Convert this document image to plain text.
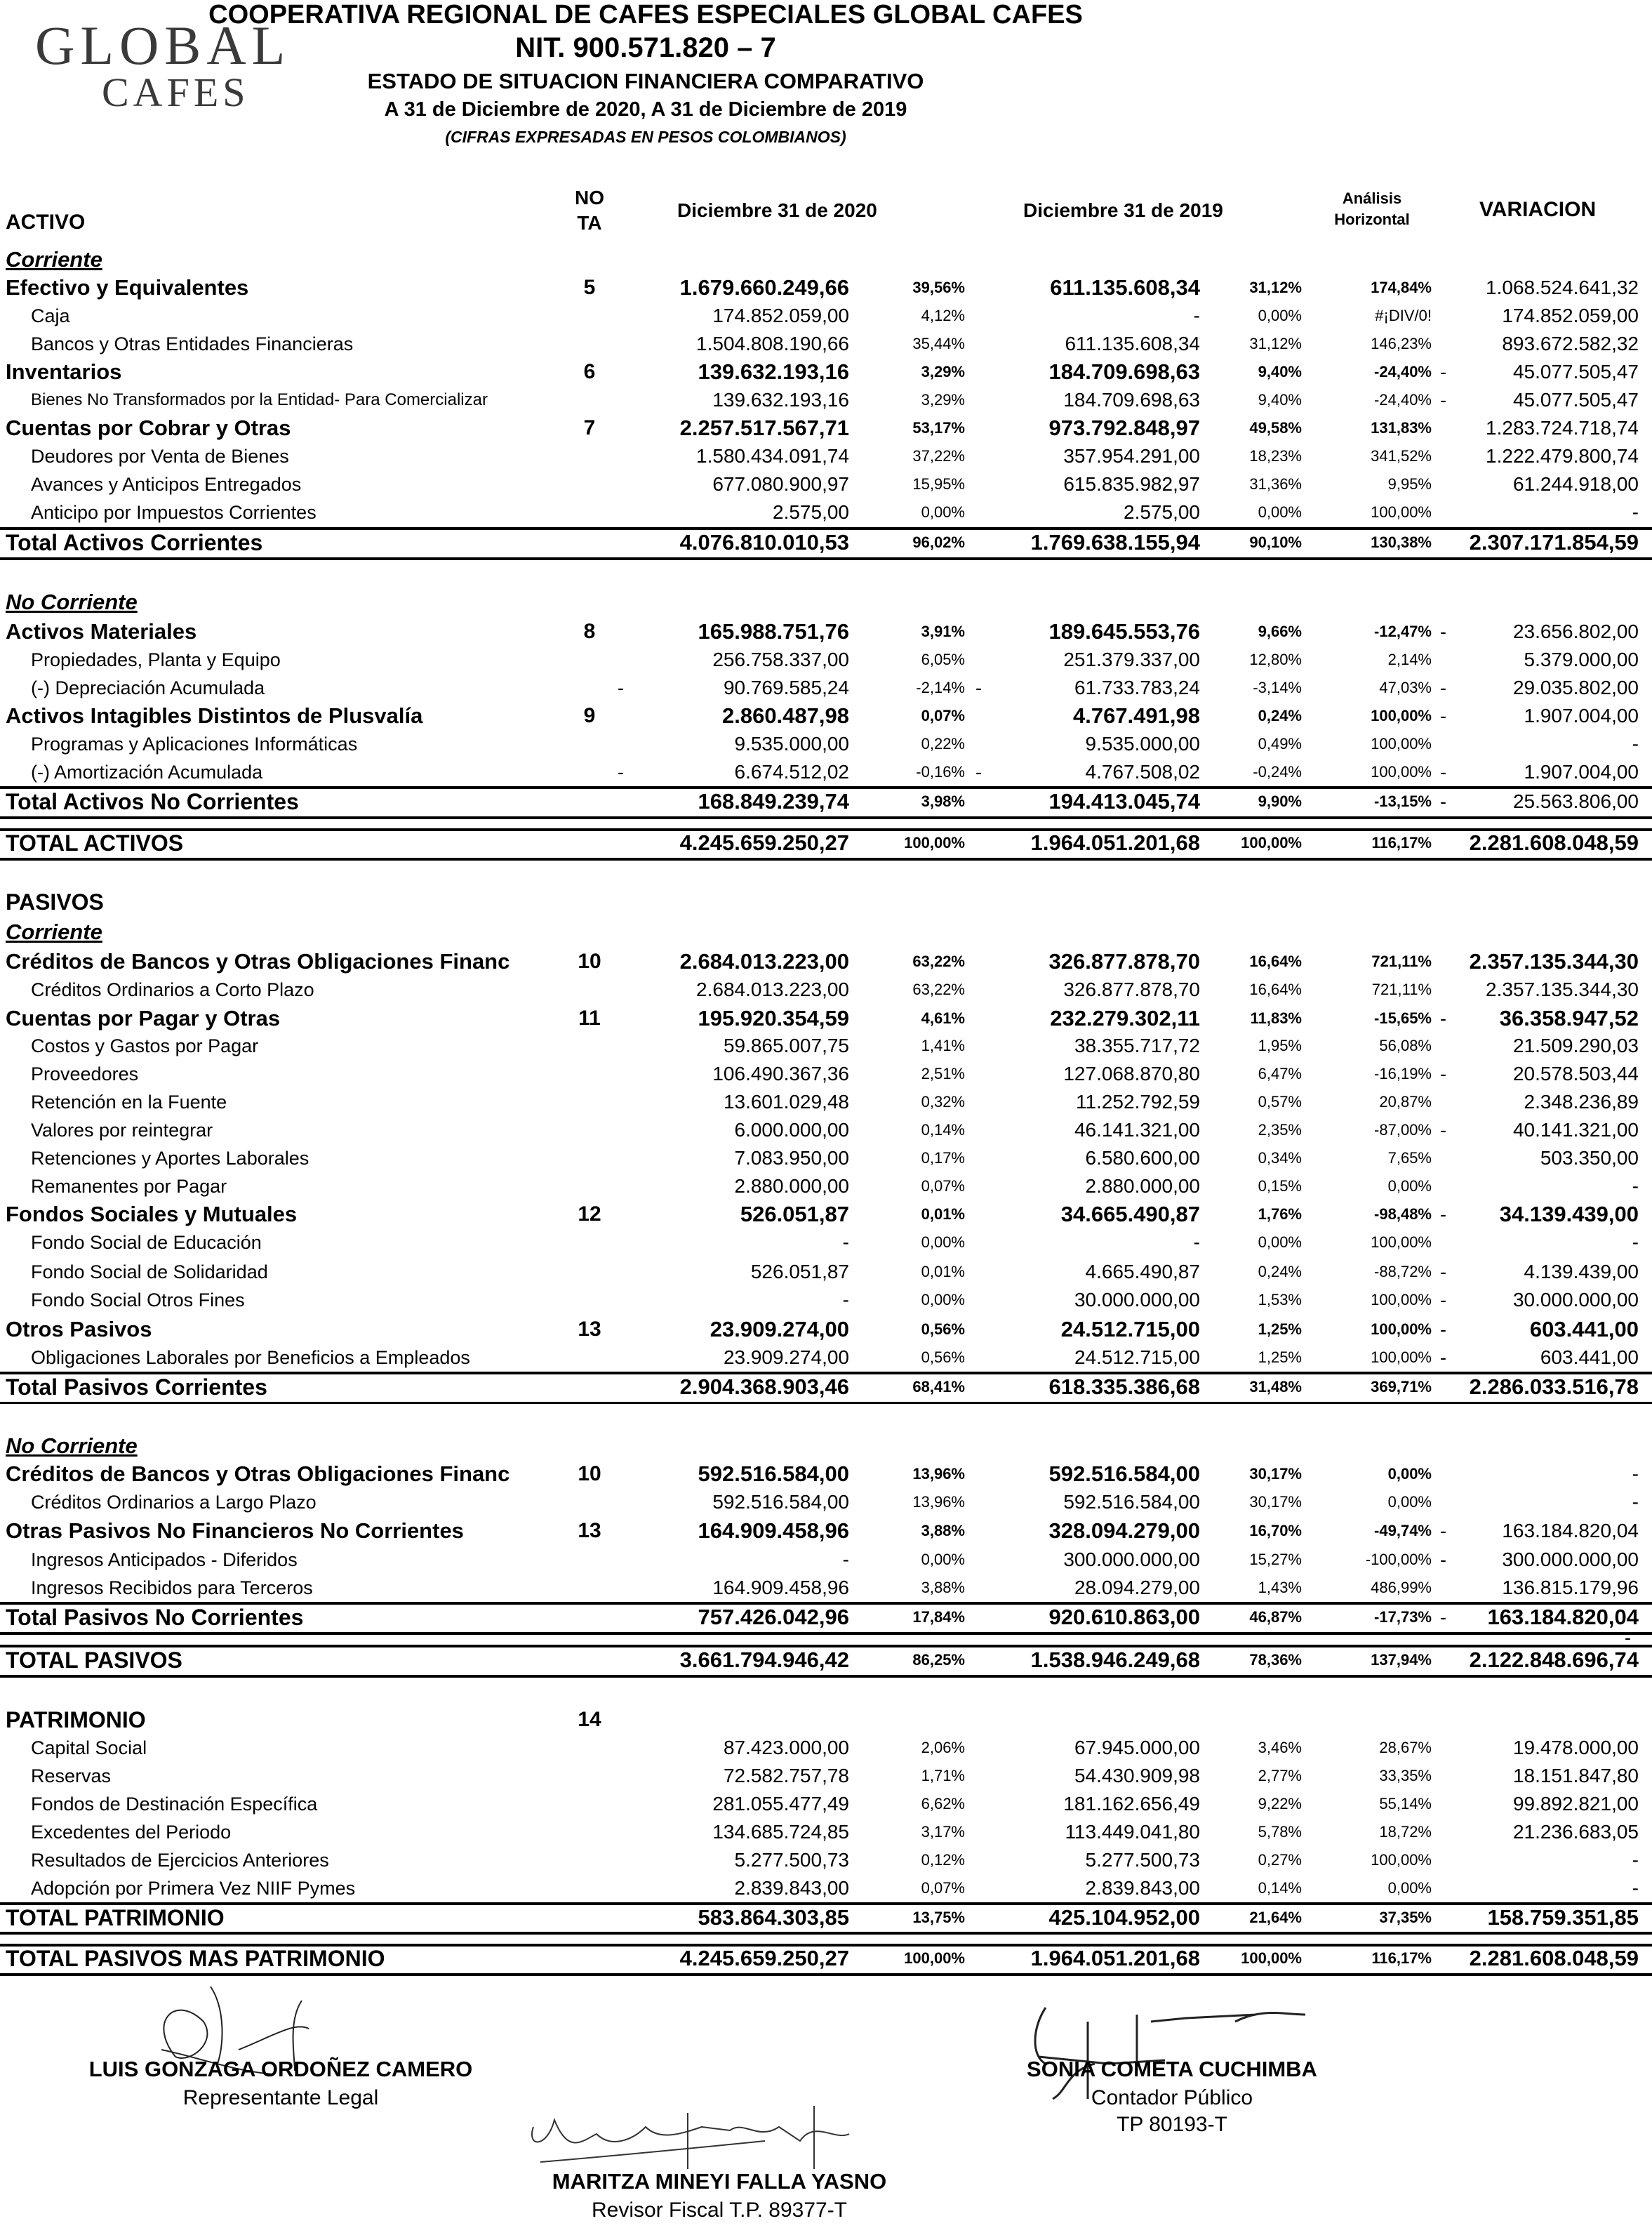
GLOBAL
CAFES
COOPERATIVA REGIONAL DE CAFES ESPECIALES GLOBAL CAFES
NIT. 900.571.820 – 7
ESTADO DE SITUACION FINANCIERA COMPARATIVO
A 31 de Diciembre de 2020, A 31 de Diciembre de 2019
(CIFRAS EXPRESADAS EN PESOS COLOMBIANOS)
ACTIVO
NO
TA
Diciembre 31 de 2020	Diciembre 31 de 2019
Análisis
Horizontal	VARIACION
Corriente
Efectivo y Equivalentes	5	1.679.660.249,66	39,56%	611.135.608,34	31,12%	174,84%	1.068.524.641,32
Caja	174.852.059,00	4,12%	-	0,00%	#¡DIV/0!	174.852.059,00
Bancos y Otras Entidades Financieras	1.504.808.190,66	35,44%	611.135.608,34	31,12%	146,23%	893.672.582,32
Inventarios	6	139.632.193,16	3,29%	184.709.698,63	9,40%	-24,40% -	45.077.505,47
Bienes No Transformados por la Entidad- Para Comercializar	139.632.193,16	3,29%	184.709.698,63	9,40%	-24,40% -	45.077.505,47
Cuentas por Cobrar y Otras	7	2.257.517.567,71	53,17%	973.792.848,97	49,58%	131,83%	1.283.724.718,74
Deudores por Venta de Bienes	1.580.434.091,74	37,22%	357.954.291,00	18,23%	341,52%	1.222.479.800,74
Avances y Anticipos Entregados	677.080.900,97	15,95%	615.835.982,97	31,36%	9,95%	61.244.918,00
Anticipo por Impuestos Corrientes	2.575,00	0,00%	2.575,00	0,00%	100,00%	-
Total Activos Corrientes	4.076.810.010,53	96,02%	1.769.638.155,94	90,10%	130,38% 2.307.171.854,59
No Corriente
Activos Materiales	8	165.988.751,76	3,91%	189.645.553,76	9,66%	-12,47% -	23.656.802,00
Propiedades, Planta y Equipo	256.758.337,00	6,05%	251.379.337,00	12,80%	2,14%	5.379.000,00
(-) Depreciación Acumulada	-	90.769.585,24	-2,14% -	61.733.783,24	-3,14%	47,03% -	29.035.802,00
Activos Intagibles Distintos de Plusvalía	9	2.860.487,98	0,07%	4.767.491,98	0,24%	100,00% -	1.907.004,00
Programas y Aplicaciones Informáticas	9.535.000,00	0,22%	9.535.000,00	0,49%	100,00%	-
(-) Amortización Acumulada	-	6.674.512,02	-0,16% -	4.767.508,02	-0,24%	100,00% -	1.907.004,00
Total Activos No Corrientes	168.849.239,74	3,98%	194.413.045,74	9,90%	-13,15% -	25.563.806,00
TOTAL ACTIVOS	4.245.659.250,27	100,00%	1.964.051.201,68	100,00%	116,17% 2.281.608.048,59
PASIVOS
Corriente
Créditos de Bancos y Otras Obligaciones Financ	10	2.684.013.223,00	63,22%	326.877.878,70	16,64%	721,11% 2.357.135.344,30
Créditos Ordinarios a Corto Plazo	2.684.013.223,00	63,22%	326.877.878,70	16,64%	721,11%	2.357.135.344,30
Cuentas por Pagar y Otras	11	195.920.354,59	4,61%	232.279.302,11	11,83%	-15,65% - 36.358.947,52
Costos y Gastos por Pagar	59.865.007,75	1,41%	38.355.717,72	1,95%	56,08%	21.509.290,03
Proveedores	106.490.367,36	2,51%	127.068.870,80	6,47%	-16,19% -	20.578.503,44
Retención en la Fuente	13.601.029,48	0,32%	11.252.792,59	0,57%	20,87%	2.348.236,89
Valores por reintegrar	6.000.000,00	0,14%	46.141.321,00	2,35%	-87,00% -	40.141.321,00
Retenciones y Aportes Laborales	7.083.950,00	0,17%	6.580.600,00	0,34%	7,65%	503.350,00
Remanentes por Pagar	2.880.000,00	0,07%	2.880.000,00	0,15%	0,00%	-
Fondos Sociales y Mutuales	12	526.051,87	0,01%	34.665.490,87	1,76%	-98,48% - 34.139.439,00
Fondo Social de Educación	-	0,00%	-	0,00%	100,00%	-
Fondo Social de Solidaridad	526.051,87	0,01%	4.665.490,87	0,24%	-88,72% -	4.139.439,00
Fondo Social Otros Fines	-	0,00%	30.000.000,00	1,53%	100,00% -	30.000.000,00
Otros Pasivos	13	23.909.274,00	0,56%	24.512.715,00	1,25%	100,00% -	603.441,00
Obligaciones Laborales por Beneficios a Empleados	23.909.274,00	0,56%	24.512.715,00	1,25%	100,00% -	603.441,00
Total Pasivos Corrientes	2.904.368.903,46	68,41%	618.335.386,68	31,48%	369,71% 2.286.033.516,78
No Corriente
Créditos de Bancos y Otras Obligaciones Financ	10	592.516.584,00	13,96%	592.516.584,00	30,17%	0,00%	-
Créditos Ordinarios a Largo Plazo	592.516.584,00	13,96%	592.516.584,00	30,17%	0,00%	-
Otras Pasivos No Financieros No Corrientes	13	164.909.458,96	3,88%	328.094.279,00	16,70%	-49,74% -	163.184.820,04
Ingresos Anticipados - Diferidos	-	0,00%	300.000.000,00	15,27%	-100,00% -	300.000.000,00
Ingresos Recibidos para Terceros	164.909.458,96	3,88%	28.094.279,00	1,43%	486,99%	136.815.179,96
Total Pasivos No Corrientes	757.426.042,96	17,84%	920.610.863,00	46,87%	-17,73% - 163.184.820,04
TOTAL PASIVOS	3.661.794.946,42	86,25%	1.538.946.249,68	78,36%	137,94% 2.122.848.696,74
PATRIMONIO	14
Capital Social	87.423.000,00	2,06%	67.945.000,00	3,46%	28,67%	19.478.000,00
Reservas	72.582.757,78	1,71%	54.430.909,98	2,77%	33,35%	18.151.847,80
Fondos de Destinación Específica	281.055.477,49	6,62%	181.162.656,49	9,22%	55,14%	99.892.821,00
Excedentes del Periodo	134.685.724,85	3,17%	113.449.041,80	5,78%	18,72%	21.236.683,05
Resultados de Ejercicios Anteriores	5.277.500,73	0,12%	5.277.500,73	0,27%	100,00%	-
Adopción por Primera Vez NIIF Pymes	2.839.843,00	0,07%	2.839.843,00	0,14%	0,00%	-
TOTAL PATRIMONIO	583.864.303,85	13,75%	425.104.952,00	21,64%	37,35%	158.759.351,85
TOTAL PASIVOS MAS PATRIMONIO	4.245.659.250,27	100,00%	1.964.051.201,68	100,00%	116,17% 2.281.608.048,59
LUIS GONZAGA ORDOÑEZ CAMERO
Representante Legal
SONIA COMETA CUCHIMBA
Contador Público
TP 80193-T
MARITZA MINEYI FALLA YASNO
Revisor Fiscal T.P. 89377-T
-
